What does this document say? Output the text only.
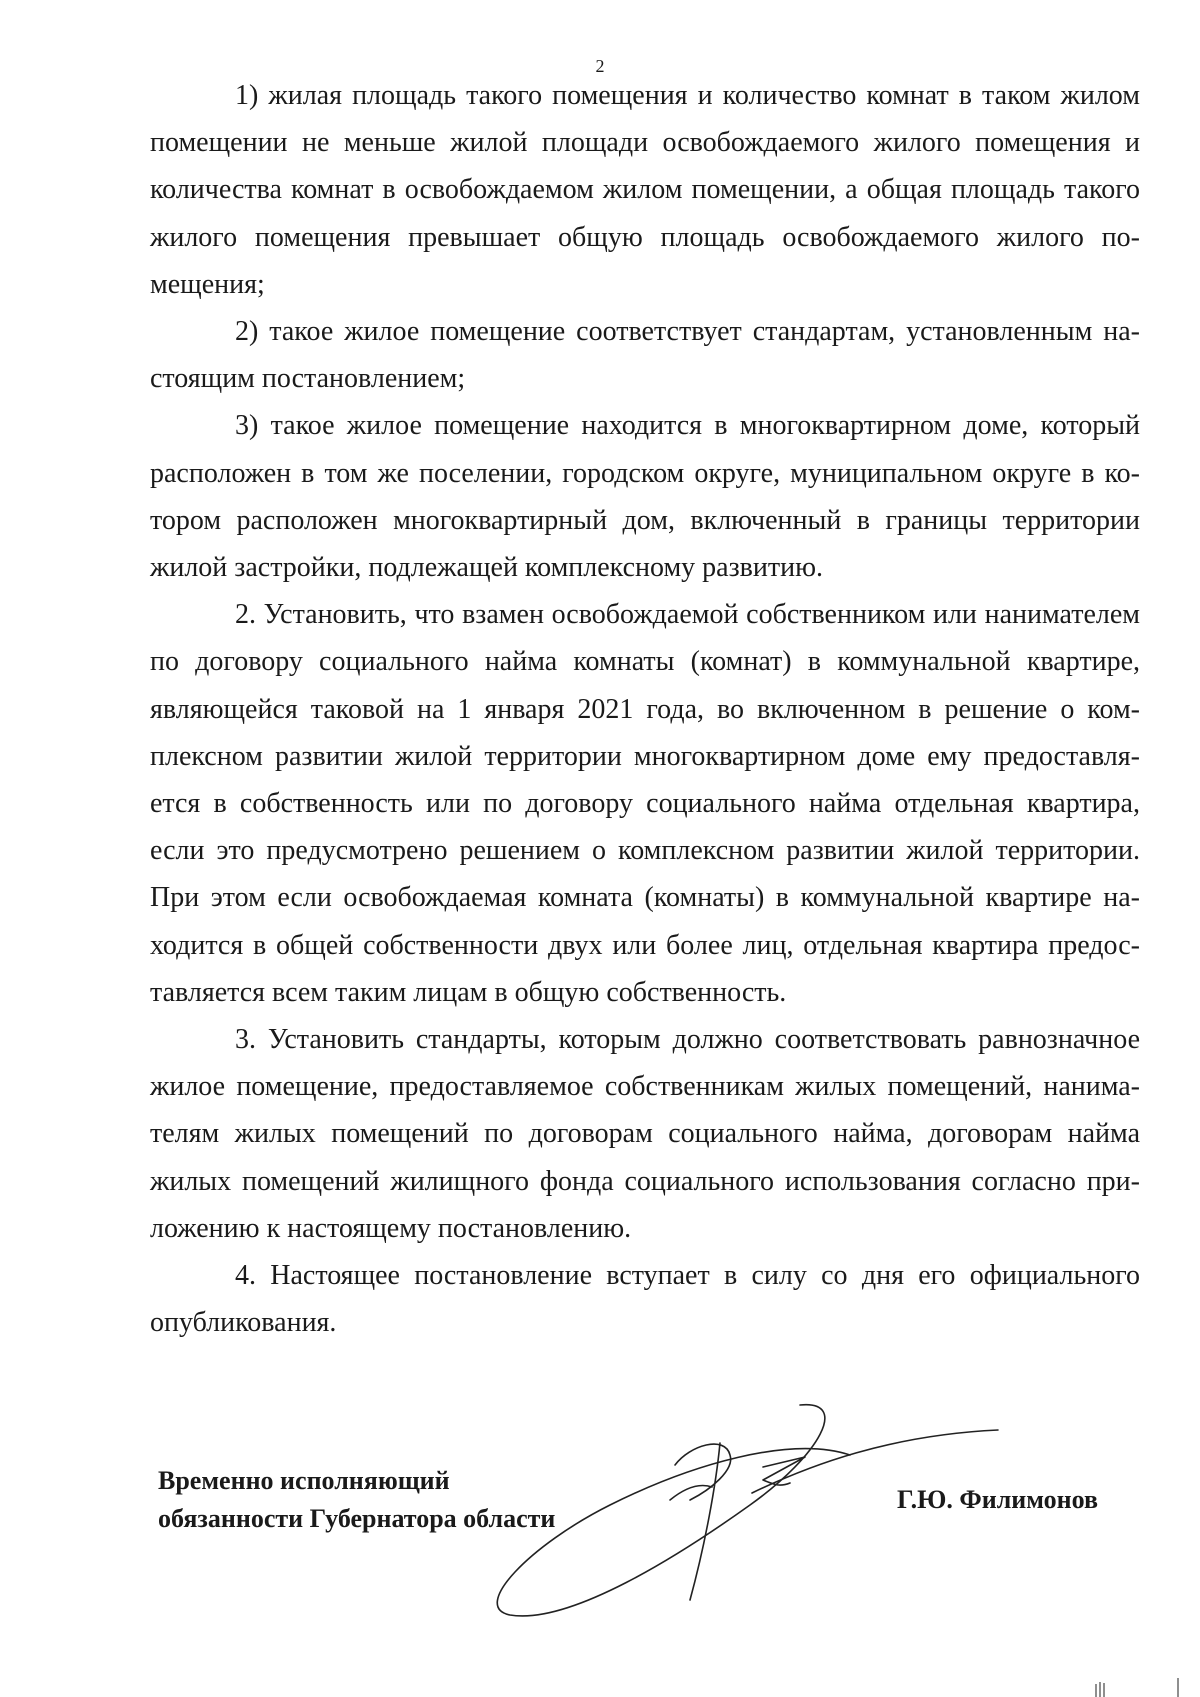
2

1) жилая площадь такого помещения и количество комнат в таком жилом помещении не меньше жилой площади освобождаемого жилого помещения и количества комнат в освобождаемом жилом помещении, а общая площадь такого жилого помещения превышает общую площадь освобождаемого жилого помещения;

2) такое жилое помещение соответствует стандартам, установленным настоящим постановлением;

3) такое жилое помещение находится в многоквартирном доме, который расположен в том же поселении, городском округе, муниципальном округе в котором расположен многоквартирный дом, включенный в границы территории жилой застройки, подлежащей комплексному развитию.

2. Установить, что взамен освобождаемой собственником или наниматeлем по договору социального найма комнаты (комнат) в коммунальной квартире, являющейся таковой на 1 января 2021 года, во включенном в решение о комплексном развитии жилой территории многоквартирном доме ему предоставляется в собственность или по договору социального найма отдельная квартира, если это предусмотрено решением о комплексном развитии жилой территории. При этом если освобождаемая комната (комнаты) в коммунальной квартире находится в общей собственности двух или более лиц, отдельная квартира предоставляется всем таким лицам в общую собственность.

3. Установить стандарты, которым должно соответствовать равнозначное жилое помещение, предоставляемое собственникам жилых помещений, нанимателям жилых помещений по договорам социального найма, договорам найма жилых помещений жилищного фонда социального использования согласно приложению к настоящему постановлению.

4. Настоящее постановление вступает в силу со дня его официального опубликования.

Временно исполняющий
обязанности Губернатора области
Г.Ю. Филимонов
